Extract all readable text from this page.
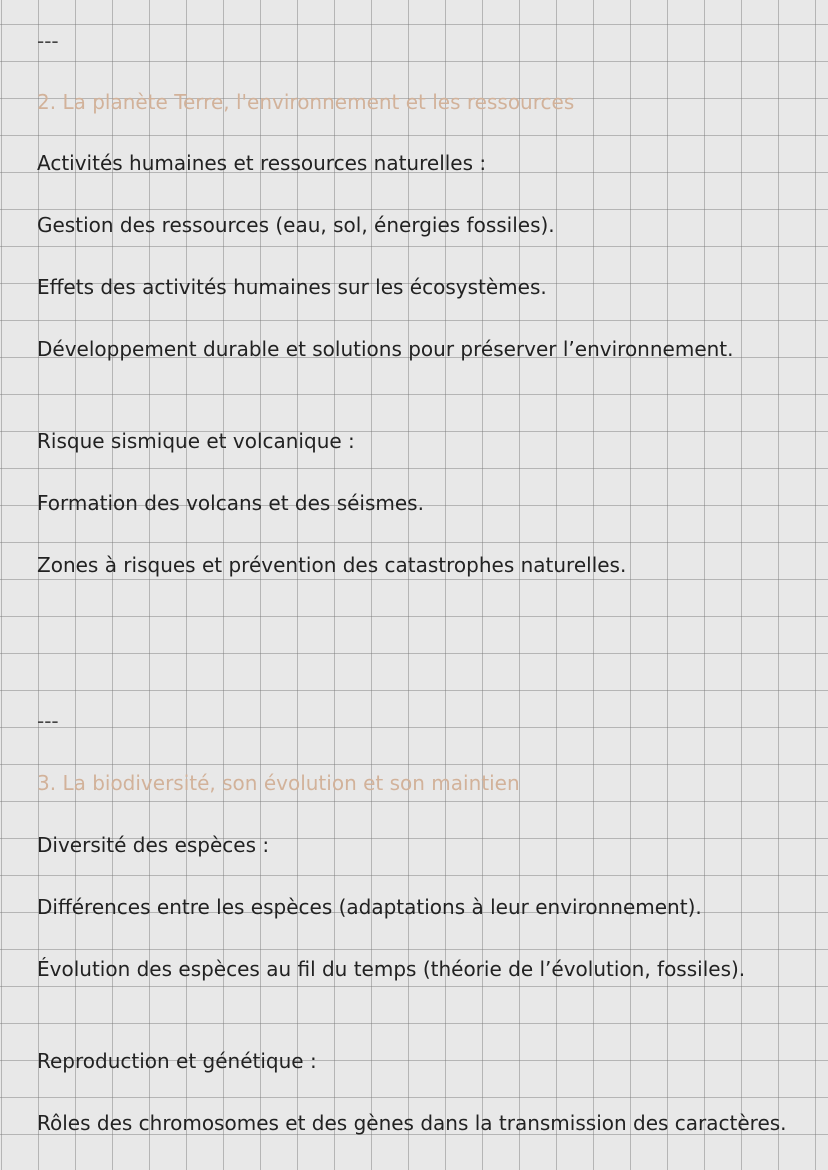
---
2. La planète Terre, l'environnement et les ressources
Activités humaines et ressources naturelles :
Gestion des ressources (eau, sol, énergies fossiles).
Effets des activités humaines sur les écosystèmes.
Développement durable et solutions pour préserver l’environnement.
Risque sismique et volcanique :
Formation des volcans et des séismes.
Zones à risques et prévention des catastrophes naturelles.
---
3. La biodiversité, son évolution et son maintien
Diversité des espèces :
Différences entre les espèces (adaptations à leur environnement).
Évolution des espèces au fil du temps (théorie de l’évolution, fossiles).
Reproduction et génétique :
Rôles des chromosomes et des gènes dans la transmission des caractères.
